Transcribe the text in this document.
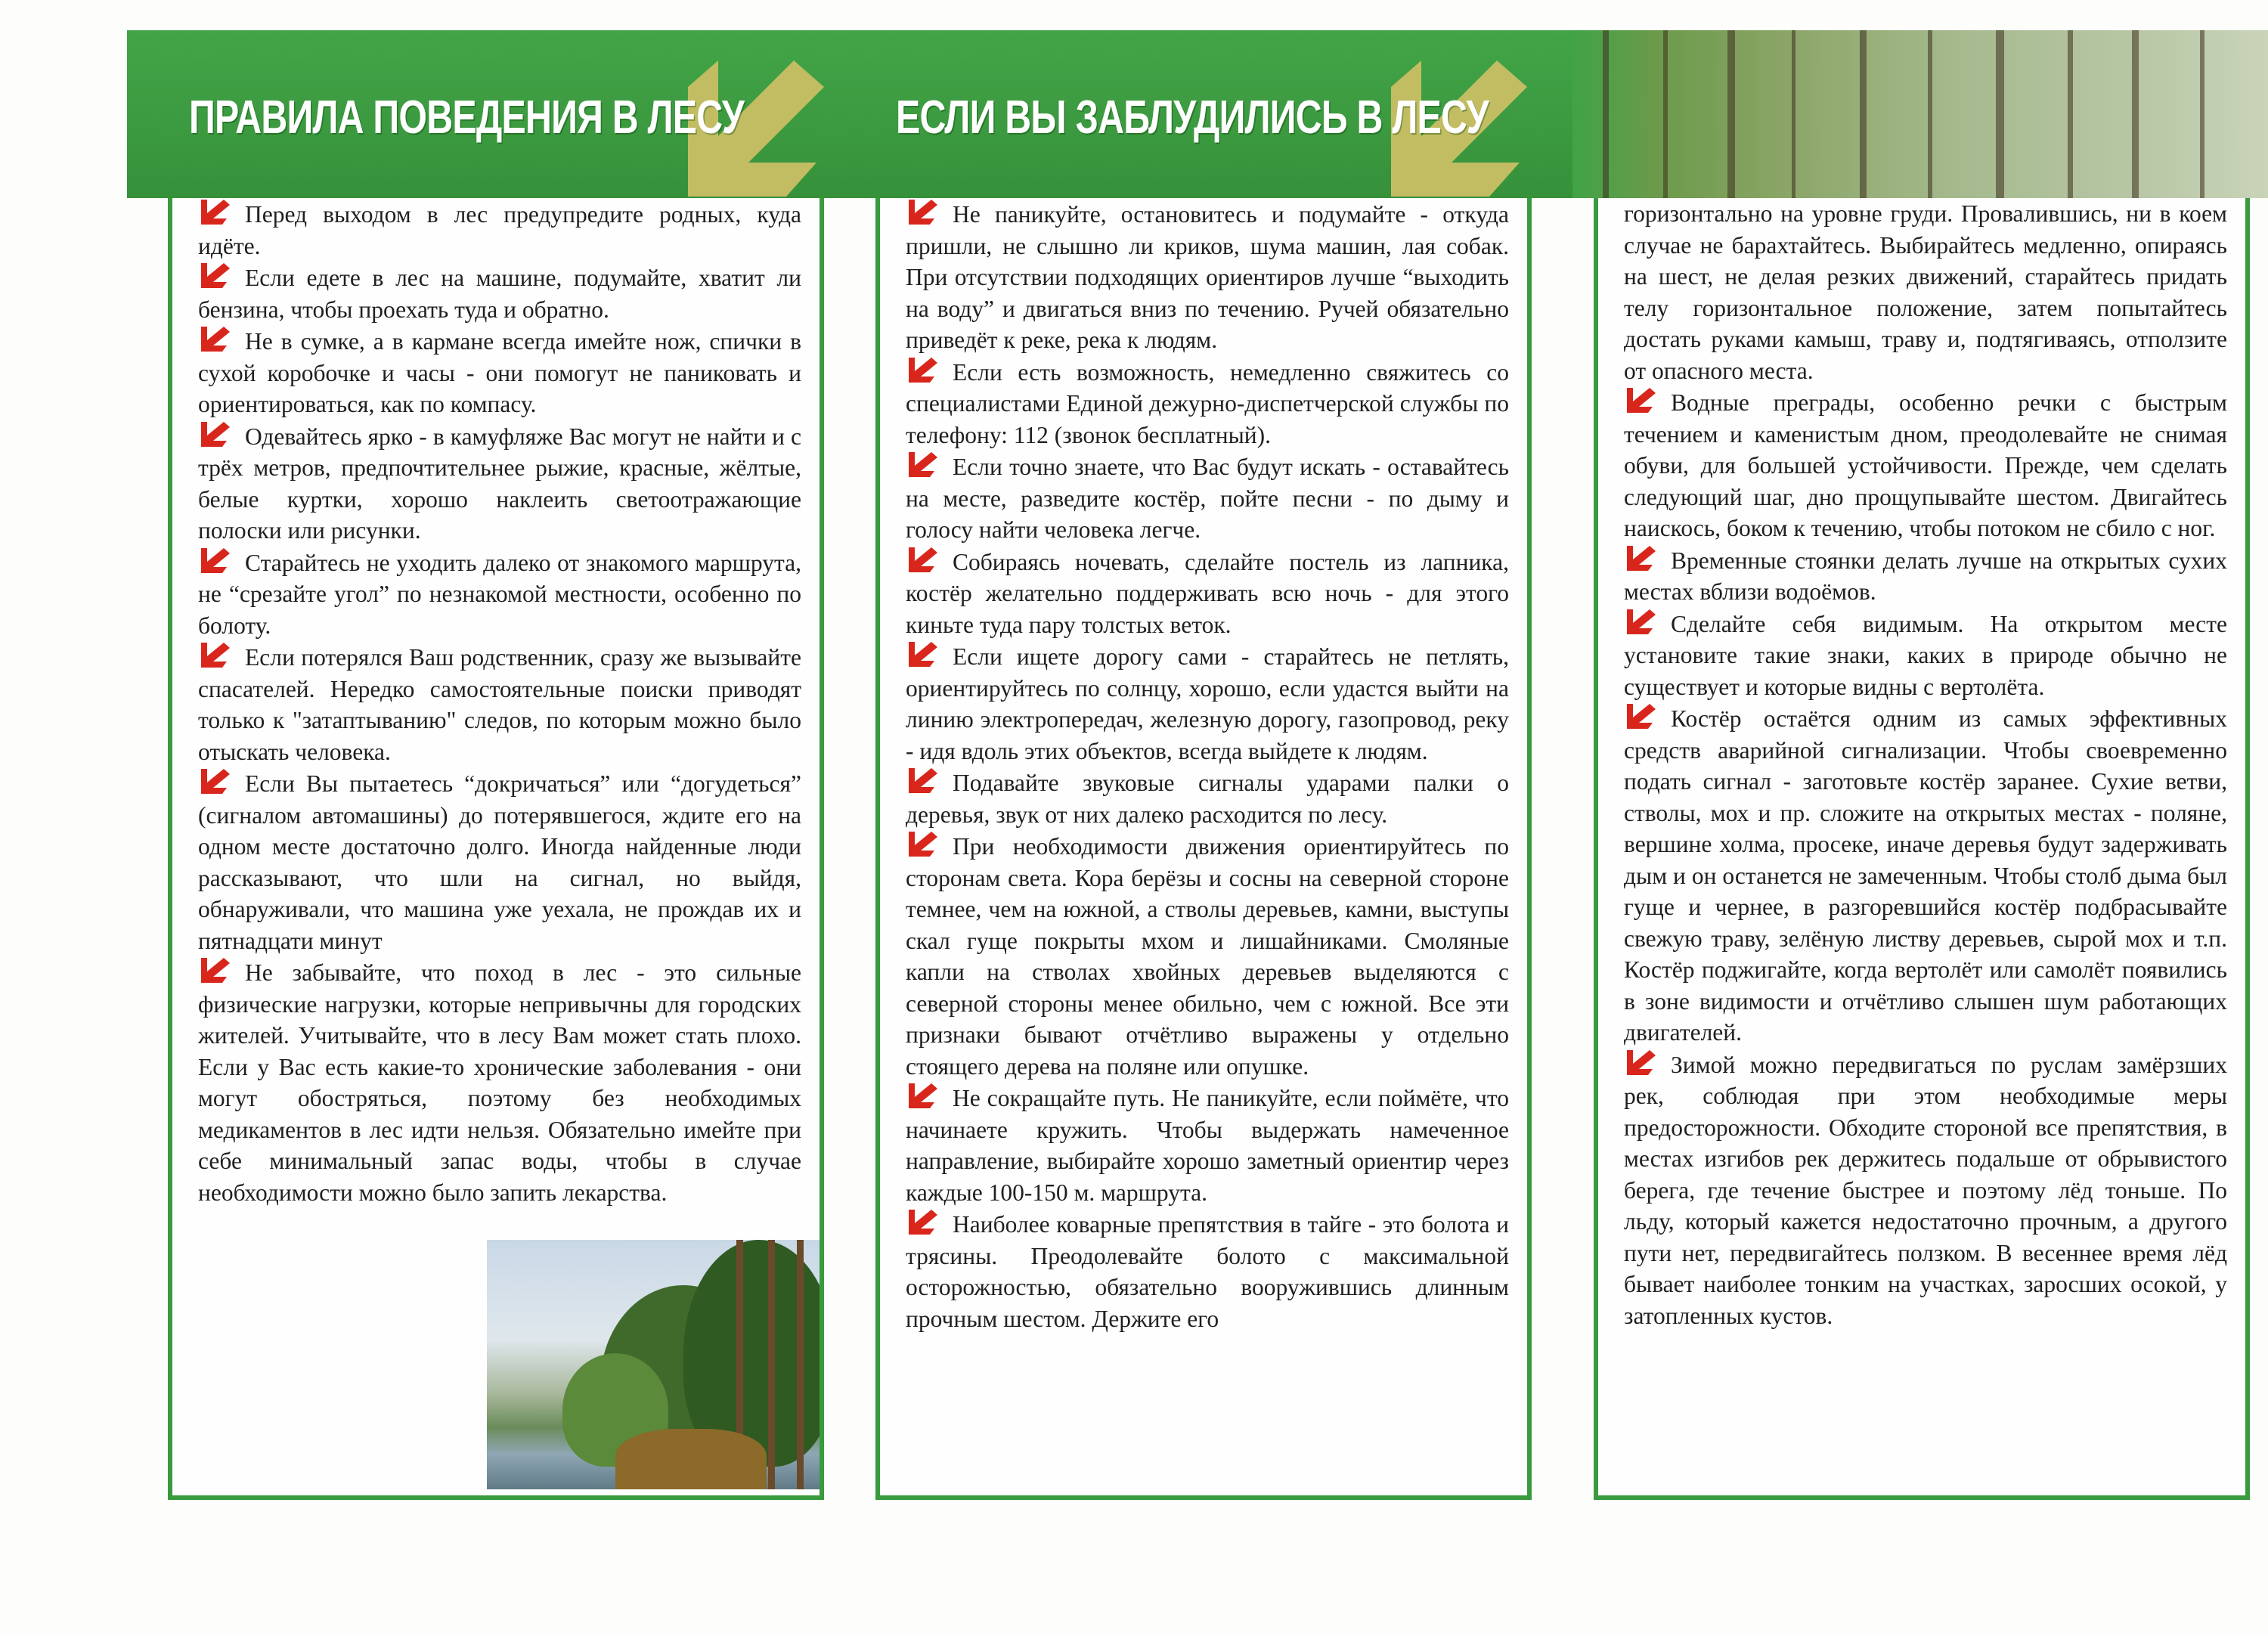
ПРАВИЛА ПОВЕДЕНИЯ В ЛЕСУ	ЕСЛИ ВЫ ЗАБЛУДИЛИСЬ В ЛЕСУ

Перед выходом в лес предупредите родных, куда идёте.

Если едете в лес на машине, подумайте, хватит ли бензина, чтобы проехать туда и обратно.

Не в сумке, а в кармане всегда имейте нож, спички в сухой коробочке и часы - они помогут не паниковать и ориентироваться, как по компасу.

Одевайтесь ярко - в камуфляже Вас могут не найти и с трёх метров, предпочтительнее рыжие, красные, жёлтые, белые куртки, хорошо наклеить светоотражающие полоски или рисунки.

Старайтесь не уходить далеко от знакомого маршрута, не “срезайте угол” по незнакомой местности, особенно по болоту.

Если потерялся Ваш родственник, сразу же вызывайте спасателей. Нередко самостоятельные поиски приводят только к "затаптыванию" следов, по которым можно было отыскать человека.

Если Вы пытаетесь “докричаться” или “догудеться” (сигналом автомашины) до потерявшегося, ждите его на одном месте достаточно долго. Иногда найденные люди рассказывают, что шли на сигнал, но выйдя, обнаруживали, что машина уже уехала, не прождав их и пятнадцати минут

Не забывайте, что поход в лес - это сильные физические нагрузки, которые непривычны для городских жителей. Учитывайте, что в лесу Вам может стать плохо. Если у Вас есть какие-то хронические заболевания - они могут обостряться, поэтому без необходимых медикаментов в лес идти нельзя. Обязательно имейте при себе минимальный запас воды, чтобы в случае необходимости можно было запить лекарства.

Не паникуйте, остановитесь и подумайте - откуда пришли, не слышно ли криков, шума машин, лая собак. При отсутствии подходящих ориентиров лучше “выходить на воду” и двигаться вниз по течению. Ручей обязательно приведёт к реке, река к людям.

Если есть возможность, немедленно свяжитесь со специалистами Единой дежурно-диспетчерской службы по телефону: 112 (звонок бесплатный).

Если точно знаете, что Вас будут искать - оставайтесь на месте, разведите костёр, пойте песни - по дыму и голосу найти человека легче.

Собираясь ночевать, сделайте постель из лапника, костёр желательно поддерживать всю ночь - для этого киньте туда пару толстых веток.

Если ищете дорогу сами - старайтесь не петлять, ориентируйтесь по солнцу, хорошо, если удастся выйти на линию электропередач, железную дорогу, газопровод, реку - идя вдоль этих объектов, всегда выйдете к людям.

Подавайте звуковые сигналы ударами палки о деревья, звук от них далеко расходится по лесу.

При необходимости движения ориентируйтесь по сторонам света. Кора берёзы и сосны на северной стороне темнее, чем на южной, а стволы деревьев, камни, выступы скал гуще покрыты мхом и лишайниками. Смоляные капли на стволах хвойных деревьев выделяются с северной стороны менее обильно, чем с южной. Все эти признаки бывают отчётливо выражены у отдельно стоящего дерева на поляне или опушке.

Не сокращайте путь. Не паникуйте, если поймёте, что начинаете кружить. Чтобы выдержать намеченное направление, выбирайте хорошо заметный ориентир через каждые 100-150 м. маршрута.

Наиболее коварные препятствия в тайге - это болота и трясины. Преодолевайте болото с максимальной осторожностью, обязательно вооружившись длинным прочным шестом. Держите его

горизонтально на уровне груди. Провалившись, ни в коем случае не барахтайтесь. Выбирайтесь медленно, опираясь на шест, не делая резких движений, старайтесь придать телу горизонтальное положение, затем попытайтесь достать руками камыш, траву и, подтягиваясь, отползите от опасного места.

Водные преграды, особенно речки с быстрым течением и каменистым дном, преодолевайте не снимая обуви, для большей устойчивости. Прежде, чем сделать следующий шаг, дно прощупывайте шестом. Двигайтесь наискось, боком к течению, чтобы потоком не сбило с ног.

Временные стоянки делать лучше на открытых сухих местах вблизи водоёмов.

Сделайте себя видимым. На открытом месте установите такие знаки, каких в природе обычно не существует и которые видны с вертолёта.

Костёр остаётся одним из самых эффективных средств аварийной сигнализации. Чтобы своевременно подать сигнал - заготовьте костёр заранее. Сухие ветви, стволы, мох и пр. сложите на открытых местах - поляне, вершине холма, просеке, иначе деревья будут задерживать дым и он останется не замеченным. Чтобы столб дыма был гуще и чернее, в разгоревшийся костёр подбрасывайте свежую траву, зелёную листву деревьев, сырой мох и т.п. Костёр поджигайте, когда вертолёт или самолёт появились в зоне видимости и отчётливо слышен шум работающих двигателей.

Зимой можно передвигаться по руслам замёрзших рек, соблюдая при этом необходимые меры предосторожности. Обходите стороной все препятствия, в местах изгибов рек держитесь подальше от обрывистого берега, где течение быстрее и поэтому лёд тоньше. По льду, который кажется недостаточно прочным, а другого пути нет, передвигайтесь ползком. В весеннее время лёд бывает наиболее тонким на участках, заросших осокой, у затопленных кустов.
